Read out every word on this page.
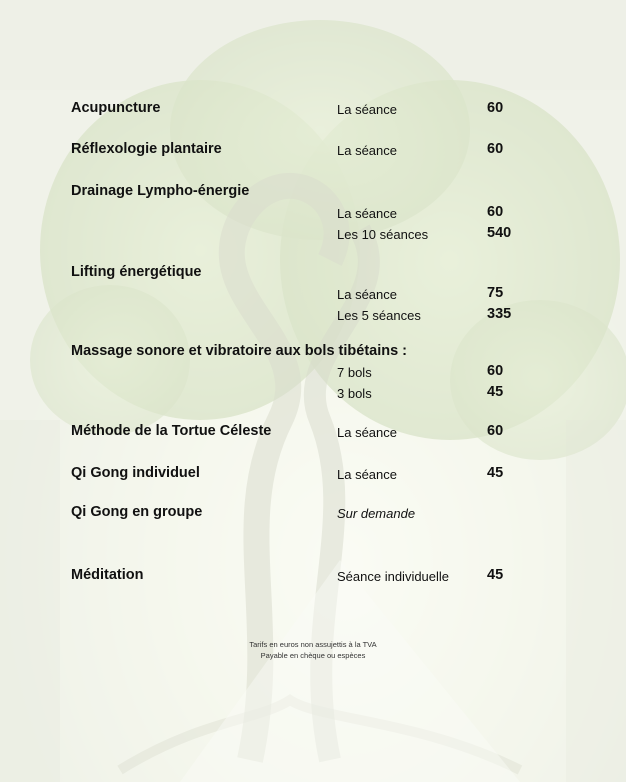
Acupuncture	La séance	60
Réflexologie plantaire	La séance	60
Drainage Lympho-énergie
La séance	60
Les 10 séances	540
Lifting énergétique
La séance	75
Les 5 séances	335
Massage sonore et vibratoire aux bols tibétains :
7 bols	60
3 bols	45
Méthode de la Tortue Céleste	La séance	60
Qi Gong individuel	La séance	45
Qi Gong en groupe	Sur demande
Méditation	Séance individuelle	45
Tarifs en euros non assujettis à la TVA
Payable en chèque ou espèces
